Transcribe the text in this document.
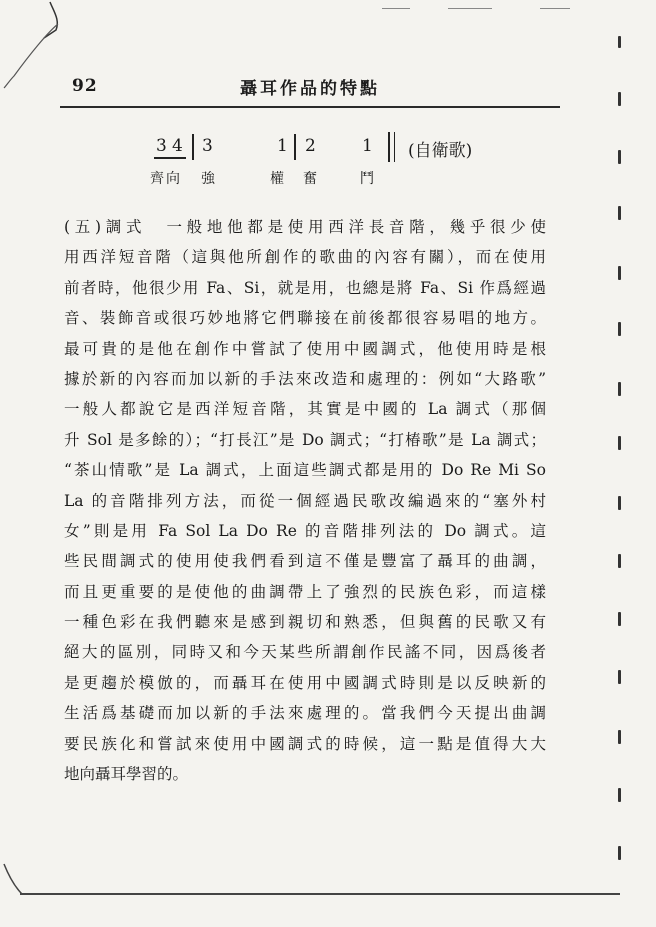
92	聶耳作品的特點
3 4 3	1 2	1 (自衛歌)
齊向 強	權 奮	鬥
(五)調式　一般地他都是使用西洋長音階，幾乎很少使
用西洋短音階（這與他所創作的歌曲的內容有關），而在使用
前者時，他很少用 Fa、Si，就是用，也總是將 Fa、Si 作爲經過
音、裝飾音或很巧妙地將它們聯接在前後都很容易唱的地方。
最可貴的是他在創作中嘗試了使用中國調式，他使用時是根
據於新的內容而加以新的手法來改造和處理的：例如“大路歌”
一般人都說它是西洋短音階，其實是中國的 La 調式（那個
升 Sol 是多餘的）；“打長江”是 Do 調式；“打椿歌”是 La 調式；
“茶山情歌”是 La 調式，上面這些調式都是用的 Do Re Mi So
La 的音階排列方法，而從一個經過民歌改編過來的“塞外村
女”則是用 Fa Sol La Do Re 的音階排列法的 Do 調式。這
些民間調式的使用使我們看到這不僅是豐富了聶耳的曲調，
而且更重要的是使他的曲調帶上了強烈的民族色彩，而這樣
一種色彩在我們聽來是感到親切和熟悉，但與舊的民歌又有
絕大的區別，同時又和今天某些所謂創作民謠不同，因爲後者
是更趨於模倣的，而聶耳在使用中國調式時則是以反映新的
生活爲基礎而加以新的手法來處理的。當我們今天提出曲調
要民族化和嘗試來使用中國調式的時候，這一點是值得大大
地向聶耳學習的。
